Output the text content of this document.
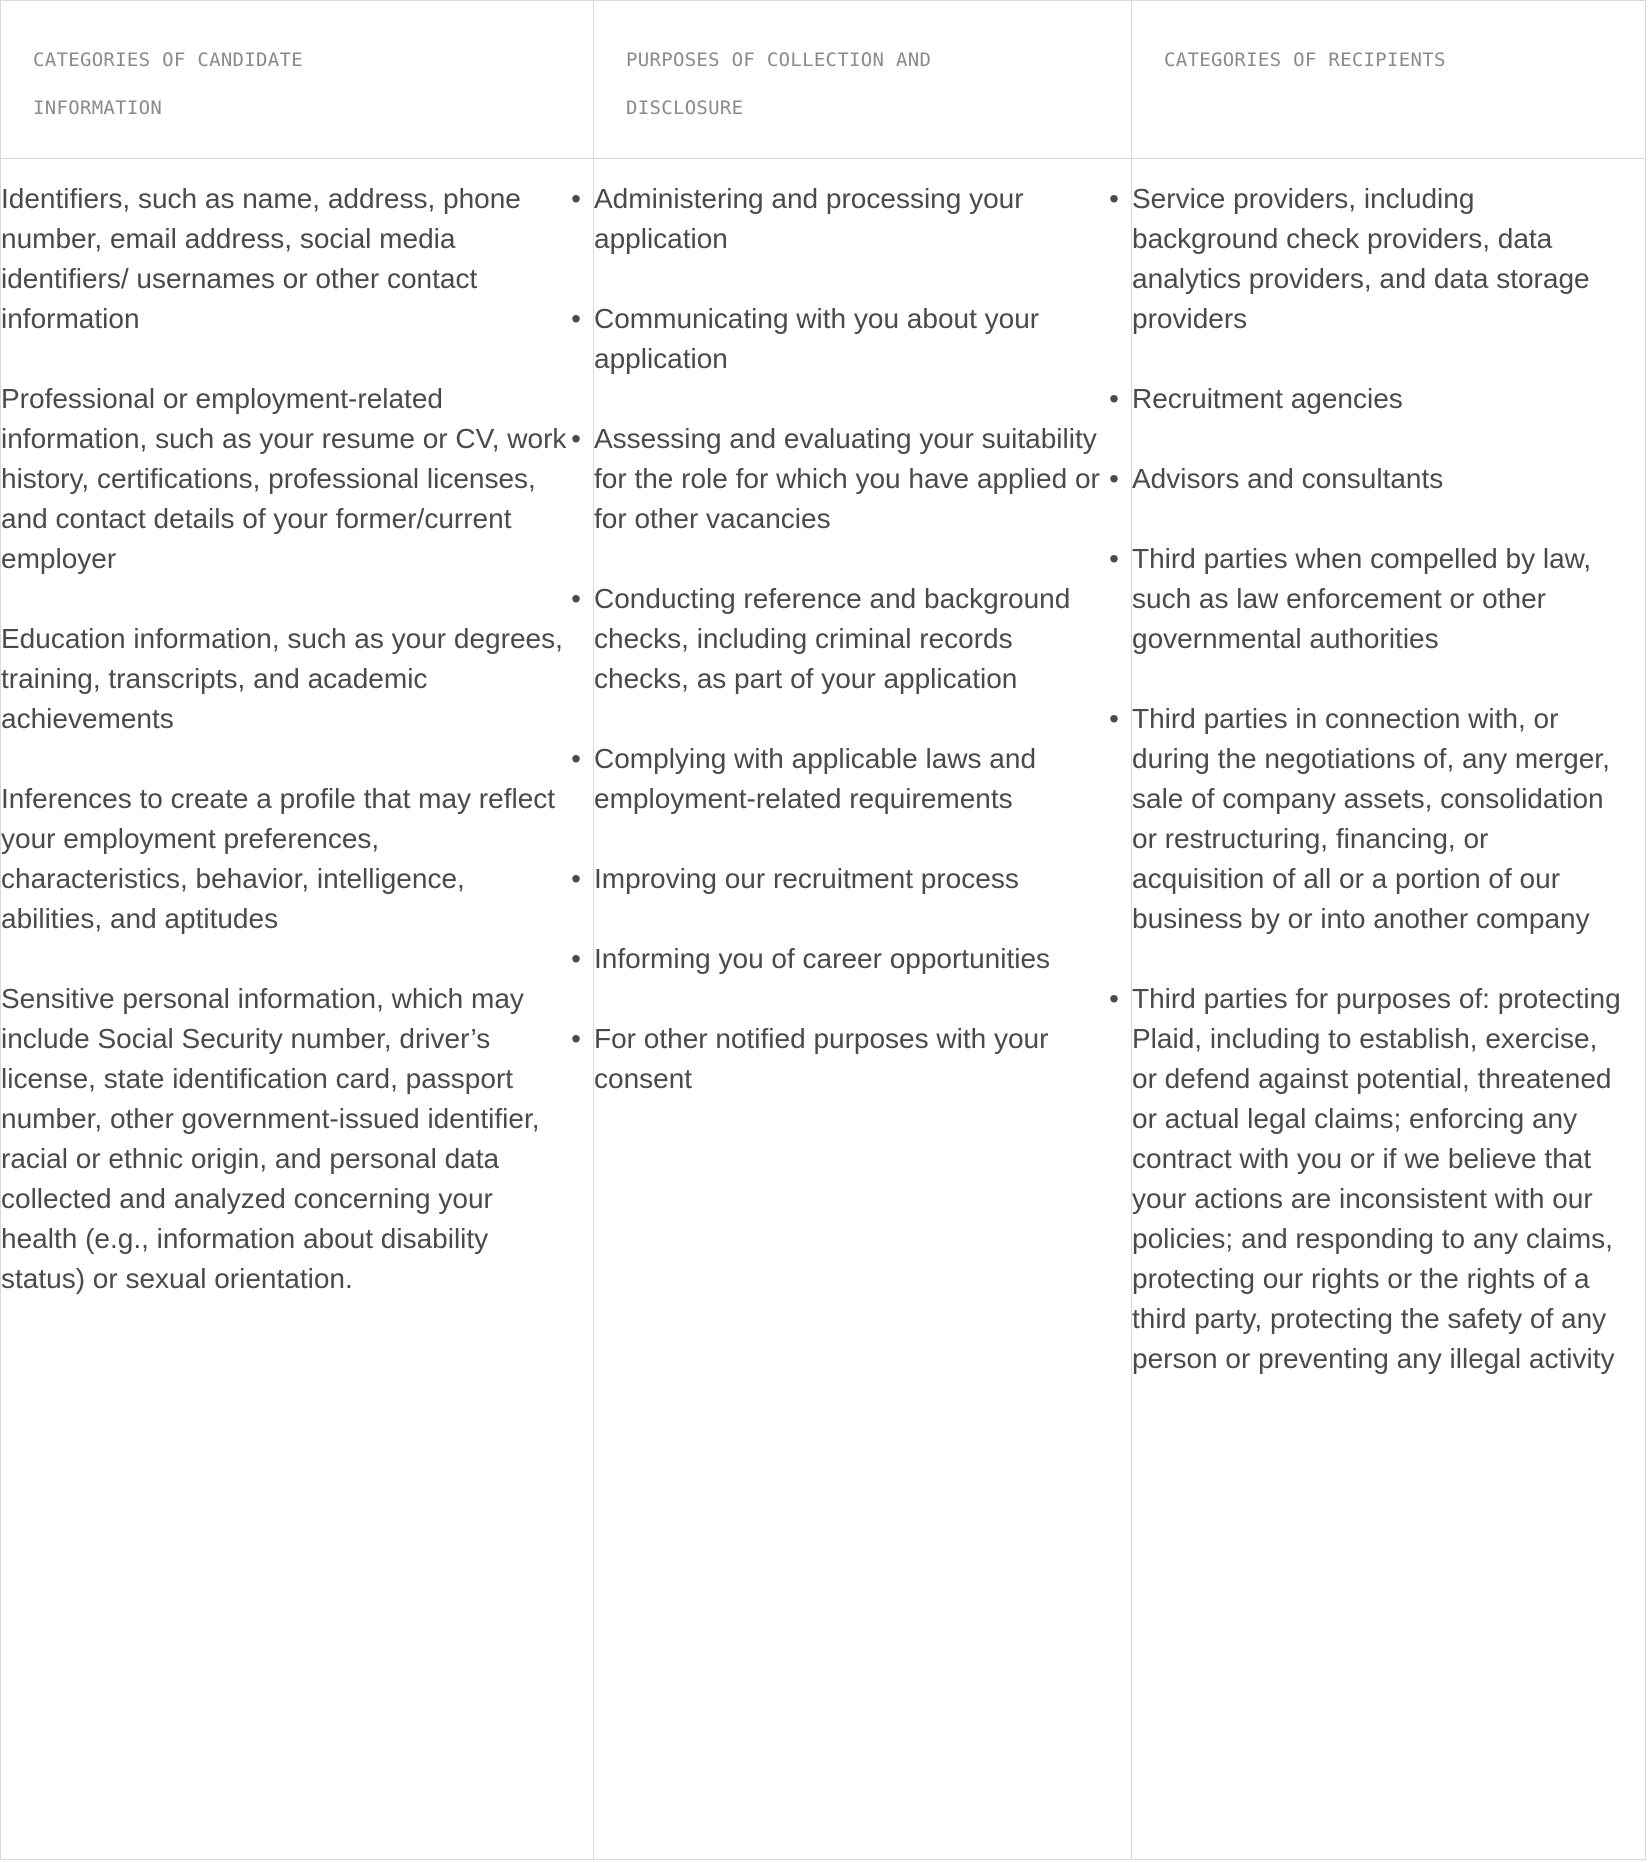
CATEGORIES OF CANDIDATE INFORMATION
PURPOSES OF COLLECTION AND DISCLOSURE
CATEGORIES OF RECIPIENTS
Identifiers, such as name, address, phone number, email address, social media identifiers/ usernames or other contact information
Professional or employment-related information, such as your resume or CV, work history, certifications, professional licenses, and contact details of your former/current employer
Education information, such as your degrees, training, transcripts, and academic achievements
Inferences to create a profile that may reflect your employment preferences, characteristics, behavior, intelligence, abilities, and aptitudes
Sensitive personal information, which may include Social Security number, driver’s license, state identification card, passport number, other government-issued identifier, racial or ethnic origin, and personal data collected and analyzed concerning your health (e.g., information about disability status) or sexual orientation.
• Administering and processing your application
• Communicating with you about your application
• Assessing and evaluating your suitability for the role for which you have applied or for other vacancies
• Conducting reference and background checks, including criminal records checks, as part of your application
• Complying with applicable laws and employment-related requirements
• Improving our recruitment process
• Informing you of career opportunities
• For other notified purposes with your consent
• Service providers, including background check providers, data analytics providers, and data storage providers
• Recruitment agencies
• Advisors and consultants
• Third parties when compelled by law, such as law enforcement or other governmental authorities
• Third parties in connection with, or during the negotiations of, any merger, sale of company assets, consolidation or restructuring, financing, or acquisition of all or a portion of our business by or into another company
• Third parties for purposes of: protecting Plaid, including to establish, exercise, or defend against potential, threatened or actual legal claims; enforcing any contract with you or if we believe that your actions are inconsistent with our policies; and responding to any claims, protecting our rights or the rights of a third party, protecting the safety of any person or preventing any illegal activity
